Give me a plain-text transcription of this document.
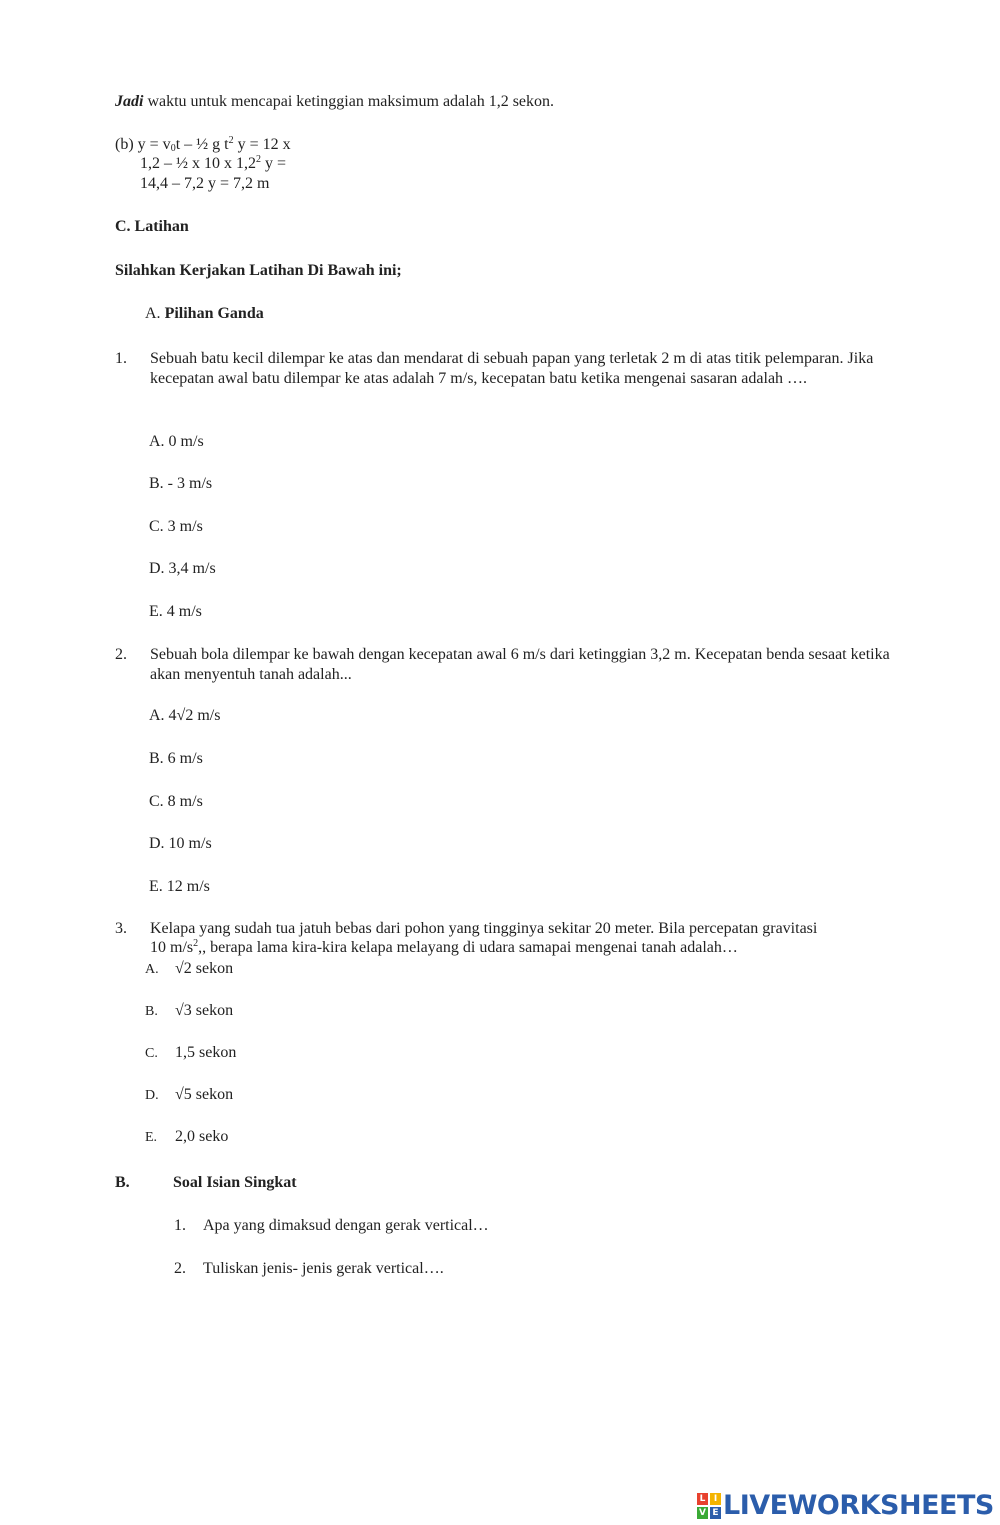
Jadi waktu untuk mencapai ketinggian maksimum adalah 1,2 sekon.
(b) $y = v_0t$ – ½ g $t^2$ y = 12 x
1,2 – ½ x 10 x $1,2^2$ y =
14,4 – 7,2 y = 7,2 m
C. Latihan
Silahkan Kerjakan Latihan Di Bawah ini;
A. Pilihan Ganda
1. Sebuah batu kecil dilempar ke atas dan mendarat di sebuah papan yang terletak 2 m di atas titik pelemparan. Jika kecepatan awal batu dilempar ke atas adalah 7 m/s, kecepatan batu ketika mengenai sasaran adalah ….
A. 0 m/s
B. - 3 m/s
C. 3 m/s
D. 3,4 m/s
E. 4 m/s
2. Sebuah bola dilempar ke bawah dengan kecepatan awal 6 m/s dari ketinggian 3,2 m. Kecepatan benda sesaat ketika akan menyentuh tanah adalah...
A. 4√2 m/s
B. 6 m/s
C. 8 m/s
D. 10 m/s
E. 12 m/s
3. Kelapa yang sudah tua jatuh bebas dari pohon yang tingginya sekitar 20 meter. Bila percepatan gravitasi
10 $m/s^2$,, berapa lama kira-kira kelapa melayang di udara samapai mengenai tanah adalah…
A. √2 sekon
B. √3 sekon
C. 1,5 sekon
D. √5 sekon
E. 2,0 seko
B.	Soal Isian Singkat
1. Apa yang dimaksud dengan gerak vertical…
2. Tuliskan jenis- jenis gerak vertical….
L I
V E LIVEWORKSHEETS
